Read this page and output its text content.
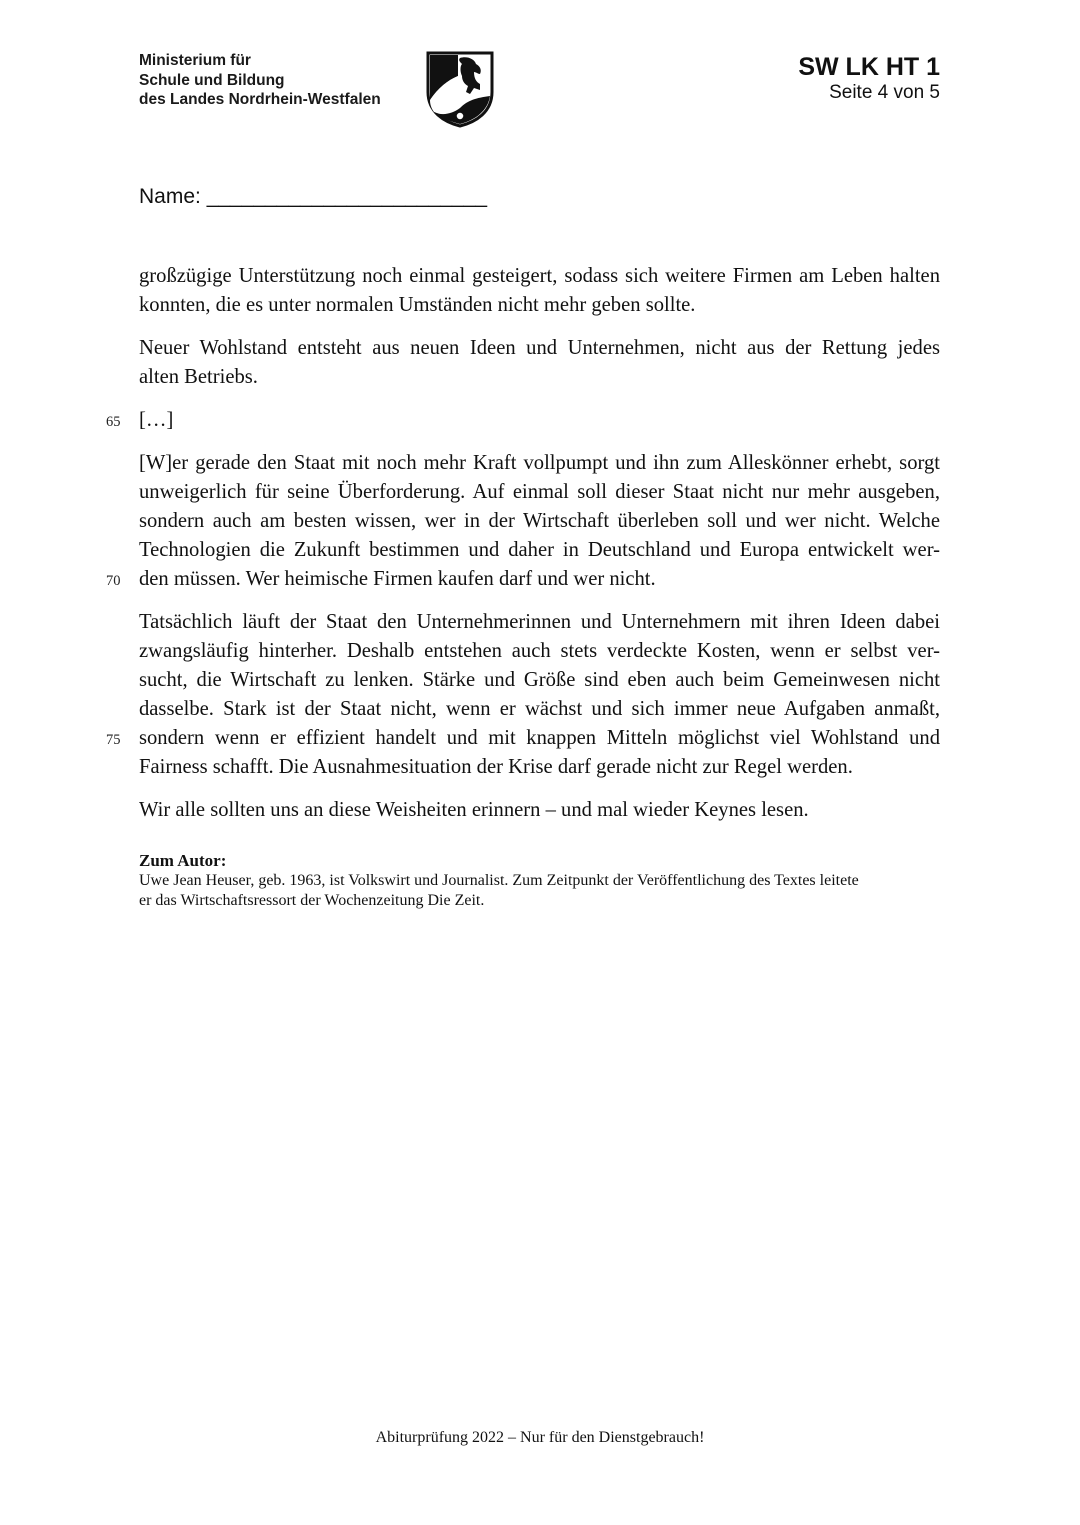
Ministerium für
Schule und Bildung
des Landes Nordrhein-Westfalen
SW LK HT 1
Seite 4 von 5
Name: ________________________
großzügige Unterstützung noch einmal gesteigert, sodass sich weitere Firmen am Leben halten
konnten, die es unter normalen Umständen nicht mehr geben sollte.
Neuer Wohlstand entsteht aus neuen Ideen und Unternehmen, nicht aus der Rettung jedes
alten Betriebs.
65 […]
[W]er gerade den Staat mit noch mehr Kraft vollpumpt und ihn zum Alleskönner erhebt, sorgt
unweigerlich für seine Überforderung. Auf einmal soll dieser Staat nicht nur mehr ausgeben,
sondern auch am besten wissen, wer in der Wirtschaft überleben soll und wer nicht. Welche
Technologien die Zukunft bestimmen und daher in Deutschland und Europa entwickelt wer-
70 den müssen. Wer heimische Firmen kaufen darf und wer nicht.
Tatsächlich läuft der Staat den Unternehmerinnen und Unternehmern mit ihren Ideen dabei
zwangsläufig hinterher. Deshalb entstehen auch stets verdeckte Kosten, wenn er selbst ver-
sucht, die Wirtschaft zu lenken. Stärke und Größe sind eben auch beim Gemeinwesen nicht
dasselbe. Stark ist der Staat nicht, wenn er wächst und sich immer neue Aufgaben anmaßt,
75 sondern wenn er effizient handelt und mit knappen Mitteln möglichst viel Wohlstand und
Fairness schafft. Die Ausnahmesituation der Krise darf gerade nicht zur Regel werden.
Wir alle sollten uns an diese Weisheiten erinnern – und mal wieder Keynes lesen.
Zum Autor:
Uwe Jean Heuser, geb. 1963, ist Volkswirt und Journalist. Zum Zeitpunkt der Veröffentlichung des Textes leitete
er das Wirtschaftsressort der Wochenzeitung Die Zeit.
Abiturprüfung 2022 – Nur für den Dienstgebrauch!
